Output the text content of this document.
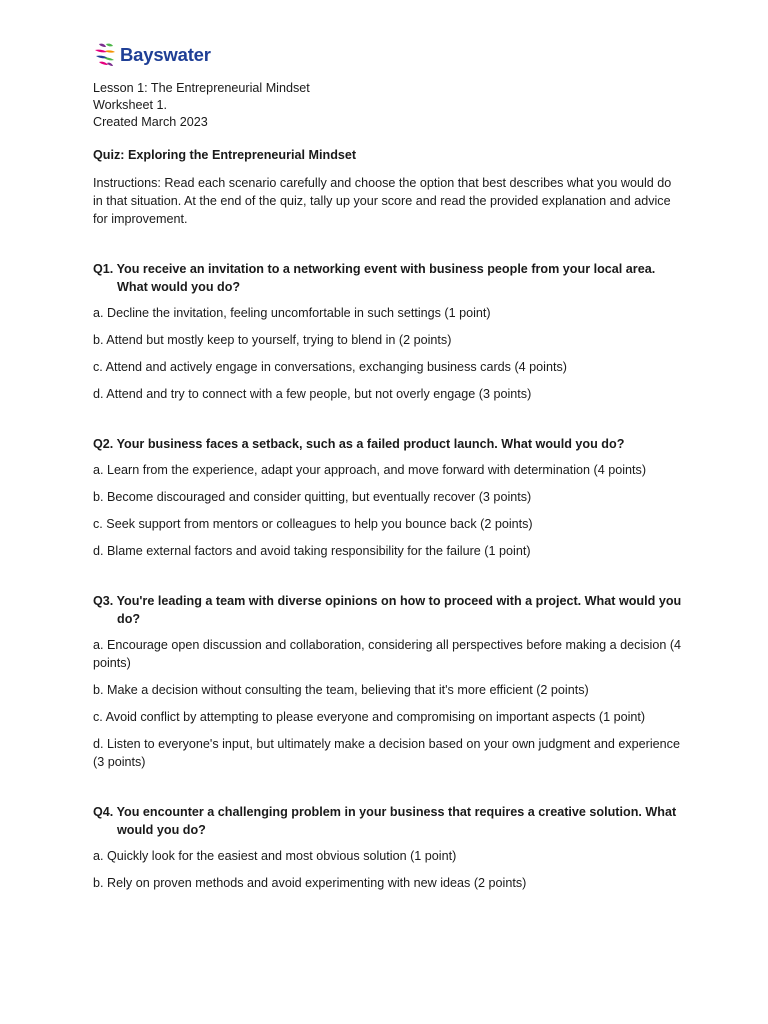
Bayswater
Lesson 1: The Entrepreneurial Mindset
Worksheet 1.
Created March 2023
Quiz: Exploring the Entrepreneurial Mindset
Instructions: Read each scenario carefully and choose the option that best describes what you would do in that situation. At the end of the quiz, tally up your score and read the provided explanation and advice for improvement.
Q1. You receive an invitation to a networking event with business people from your local area. What would you do?
a. Decline the invitation, feeling uncomfortable in such settings (1 point)
b. Attend but mostly keep to yourself, trying to blend in (2 points)
c. Attend and actively engage in conversations, exchanging business cards (4 points)
d. Attend and try to connect with a few people, but not overly engage (3 points)
Q2. Your business faces a setback, such as a failed product launch. What would you do?
a. Learn from the experience, adapt your approach, and move forward with determination (4 points)
b. Become discouraged and consider quitting, but eventually recover (3 points)
c. Seek support from mentors or colleagues to help you bounce back (2 points)
d. Blame external factors and avoid taking responsibility for the failure (1 point)
Q3. You're leading a team with diverse opinions on how to proceed with a project. What would you do?
a. Encourage open discussion and collaboration, considering all perspectives before making a decision (4 points)
b. Make a decision without consulting the team, believing that it's more efficient (2 points)
c. Avoid conflict by attempting to please everyone and compromising on important aspects (1 point)
d. Listen to everyone's input, but ultimately make a decision based on your own judgment and experience (3 points)
Q4. You encounter a challenging problem in your business that requires a creative solution. What would you do?
a. Quickly look for the easiest and most obvious solution (1 point)
b. Rely on proven methods and avoid experimenting with new ideas (2 points)
